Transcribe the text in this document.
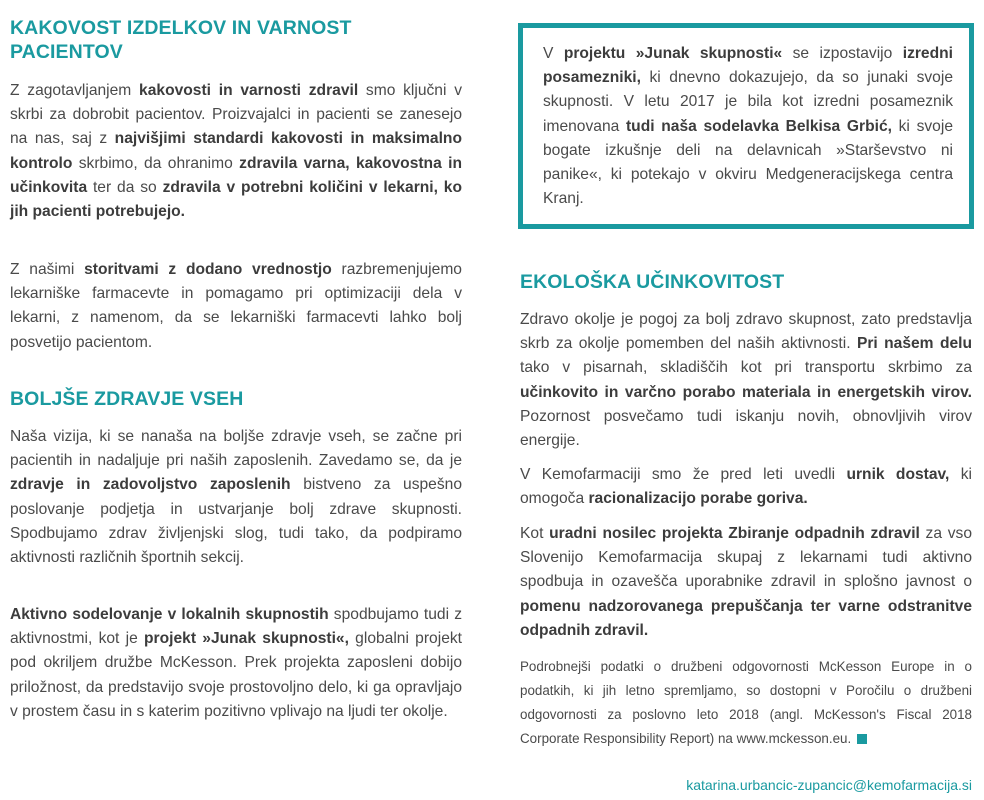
KAKOVOST IZDELKOV IN VARNOST PACIENTOV

Z zagotavljanjem kakovosti in varnosti zdravil smo ključni v skrbi za dobrobit pacientov. Proizvajalci in pacienti se zanesejo na nas, saj z najvišjimi standardi kakovosti in maksimalno kontrolo skrbimo, da ohranimo zdravila varna, kakovostna in učinkovita ter da so zdravila v potrebni količini v lekarni, ko jih pacienti potrebujejo.

Z našimi storitvami z dodano vrednostjo razbremenjujemo lekarniške farmacevte in pomagamo pri optimizaciji dela v lekarni, z namenom, da se lekarniški farmacevti lahko bolj posvetijo pacientom.

BOLJŠE ZDRAVJE VSEH

Naša vizija, ki se nanaša na boljše zdravje vseh, se začne pri pacientih in nadaljuje pri naših zaposlenih. Zavedamo se, da je zdravje in zadovoljstvo zaposlenih bistveno za uspešno poslovanje podjetja in ustvarjanje bolj zdrave skupnosti. Spodbujamo zdrav življenjski slog, tudi tako, da podpiramo aktivnosti različnih športnih sekcij.

Aktivno sodelovanje v lokalnih skupnostih spodbujamo tudi z aktivnostmi, kot je projekt »Junak skupnosti«, globalni projekt pod okriljem družbe McKesson. Prek projekta zaposleni dobijo priložnost, da predstavijo svoje prostovoljno delo, ki ga opravljajo v prostem času in s katerim pozitivno vplivajo na ljudi ter okolje.

V projektu »Junak skupnosti« se izpostavijo izredni posamezniki, ki dnevno dokazujejo, da so junaki svoje skupnosti. V letu 2017 je bila kot izredni posameznik imenovana tudi naša sodelavka Belkisa Grbić, ki svoje bogate izkušnje deli na delavnicah »Starševstvo ni panike«, ki potekajo v okviru Medgeneracijskega centra Kranj.

EKOLOŠKA UČINKOVITOST

Zdravo okolje je pogoj za bolj zdravo skupnost, zato predstavlja skrb za okolje pomemben del naših aktivnosti. Pri našem delu tako v pisarnah, skladiščih kot pri transportu skrbimo za učinkovito in varčno porabo materiala in energetskih virov. Pozornost posvečamo tudi iskanju novih, obnovljivih virov energije.

V Kemofarmaciji smo že pred leti uvedli urnik dostav, ki omogoča racionalizacijo porabe goriva.

Kot uradni nosilec projekta Zbiranje odpadnih zdravil za vso Slovenijo Kemofarmacija skupaj z lekarnami tudi aktivno spodbuja in ozavešča uporabnike zdravil in splošno javnost o pomenu nadzorovanega prepuščanja ter varne odstranitve odpadnih zdravil.

Podrobnejši podatki o družbeni odgovornosti McKesson Europe in o podatkih, ki jih letno spremljamo, so dostopni v Poročilu o družbeni odgovornosti za poslovno leto 2018 (angl. McKesson's Fiscal 2018 Corporate Responsibility Report) na www.mckesson.eu.

katarina.urbancic-zupancic@kemofarmacija.si
